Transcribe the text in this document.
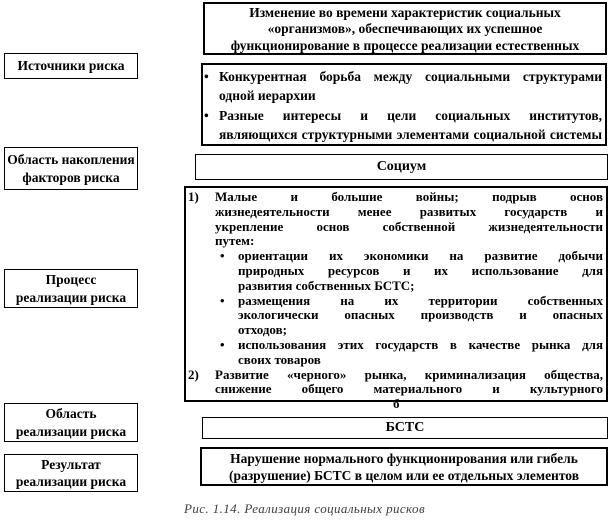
Источники риска
Область накопления
факторов риска
Процесс
реализации риска
Область
реализации риска
Результат
реализации риска
Изменение во времени характеристик социальных
«организмов», обеспечивающих их успешное
функционирование в процессе реализации естественных
• Конкурентная борьба между социальными структурами
одной иерархии
• Разные интересы и цели социальных институтов,
являющихся структурными элементами социальной системы
Социум
1)	Малые и большие войны; подрыв основ
жизнедеятельности менее развитых государств и
укрепление основ собственной жизнедеятельности
путем:
•	ориентации их экономики на развитие добычи
природных ресурсов и их использование для
развития собственных БСТС;
•	размещения на их территории собственных
экологически опасных производств и опасных
отходов;
•	использования этих государств в качестве рынка для
своих товаров
2)	Развитие «черного» рынка, криминализация общества,
снижение общего материального и культурного
б
БСТС
Нарушение нормального функционирования или гибель
(разрушение) БСТС в целом или ее отдельных элементов
Рис. 1.14. Реализация социальных рисков
